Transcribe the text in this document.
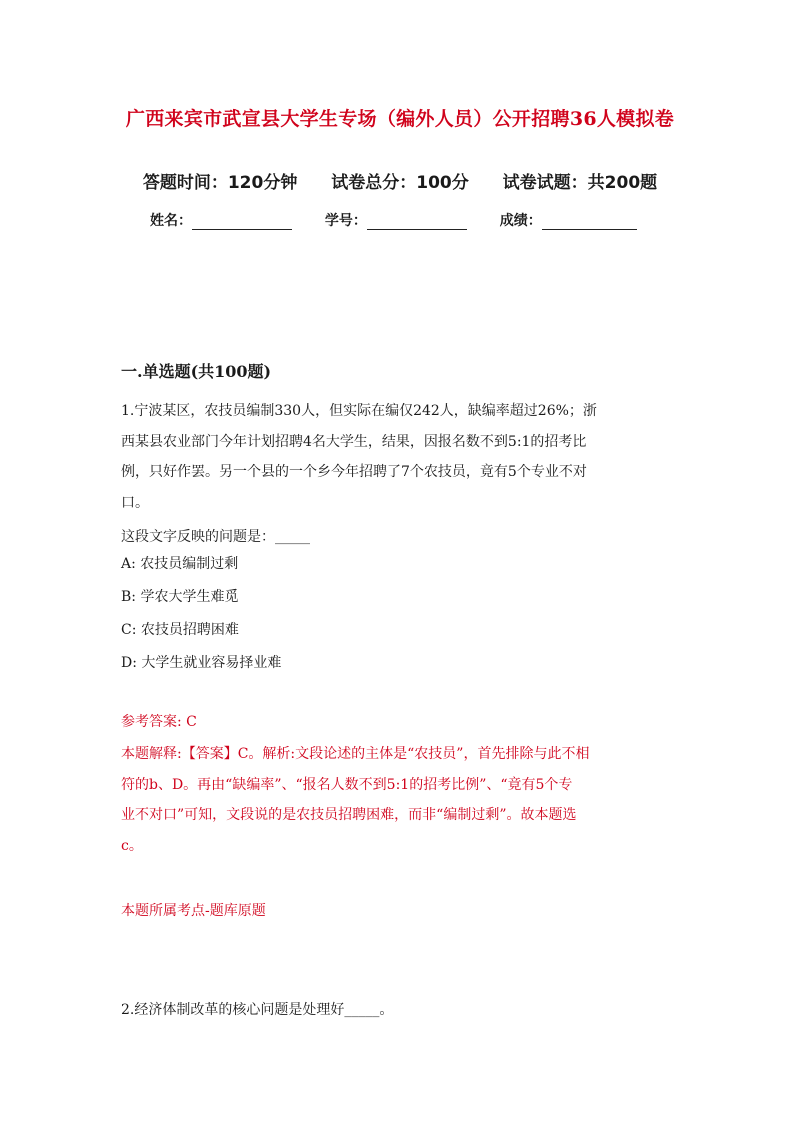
广西来宾市武宣县大学生专场（编外人员）公开招聘36人模拟卷
答题时间：120分钟 试卷总分：100分 试卷试题：共200题
姓名：	学号：	成绩：
一.单选题(共100题)

1.宁波某区，农技员编制330人，但实际在编仅242人，缺编率超过26%；浙

西某县农业部门今年计划招聘4名大学生，结果，因报名数不到5:1的招考比

例，只好作罢。另一个县的一个乡今年招聘了7个农技员，竟有5个专业不对

口。

这段文字反映的问题是：_____
A: 农技员编制过剩
B: 学农大学生难觅
C: 农技员招聘困难
D: 大学生就业容易择业难
参考答案: C
本题解释:【答案】C。解析:文段论述的主体是“农技员”，首先排除与此不相
符的b、D。再由“缺编率”、“报名人数不到5:1的招考比例”、“竟有5个专
业不对口”可知，文段说的是农技员招聘困难，而非“编制过剩”。故本题选
c。
本题所属考点-题库原题
2.经济体制改革的核心问题是处理好_____。
